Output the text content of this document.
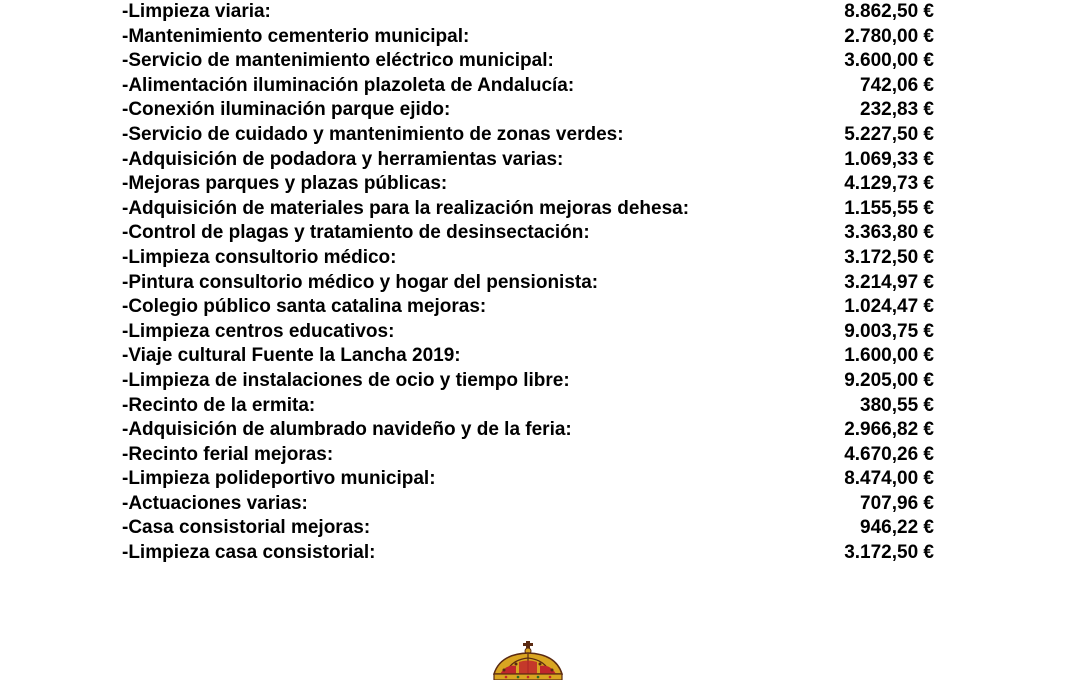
-Limpieza viaria:	8.862,50 €
-Mantenimiento cementerio municipal:	2.780,00 €
-Servicio de mantenimiento eléctrico municipal:	3.600,00 €
-Alimentación iluminación plazoleta de Andalucía:	742,06 €
-Conexión iluminación parque ejido:	232,83 €
-Servicio de cuidado y mantenimiento de zonas verdes:	5.227,50 €
-Adquisición de podadora y herramientas varias:	1.069,33 €
-Mejoras parques y plazas públicas:	4.129,73 €
-Adquisición de materiales para la realización mejoras dehesa:	1.155,55 €
-Control de plagas y tratamiento de desinsectación:	3.363,80 €
-Limpieza consultorio médico:	3.172,50 €
-Pintura consultorio médico y hogar del pensionista:	3.214,97 €
-Colegio público santa catalina mejoras:	1.024,47 €
-Limpieza centros educativos:	9.003,75 €
-Viaje cultural Fuente la Lancha 2019:	1.600,00 €
-Limpieza de instalaciones de ocio y tiempo libre:	9.205,00 €
-Recinto de la ermita:	380,55 €
-Adquisición de alumbrado navideño y de la feria:	2.966,82 €
-Recinto ferial mejoras:	4.670,26 €
-Limpieza polideportivo municipal:	8.474,00 €
-Actuaciones varias:	707,96 €
-Casa consistorial mejoras:	946,22 €
-Limpieza casa consistorial:	3.172,50 €
